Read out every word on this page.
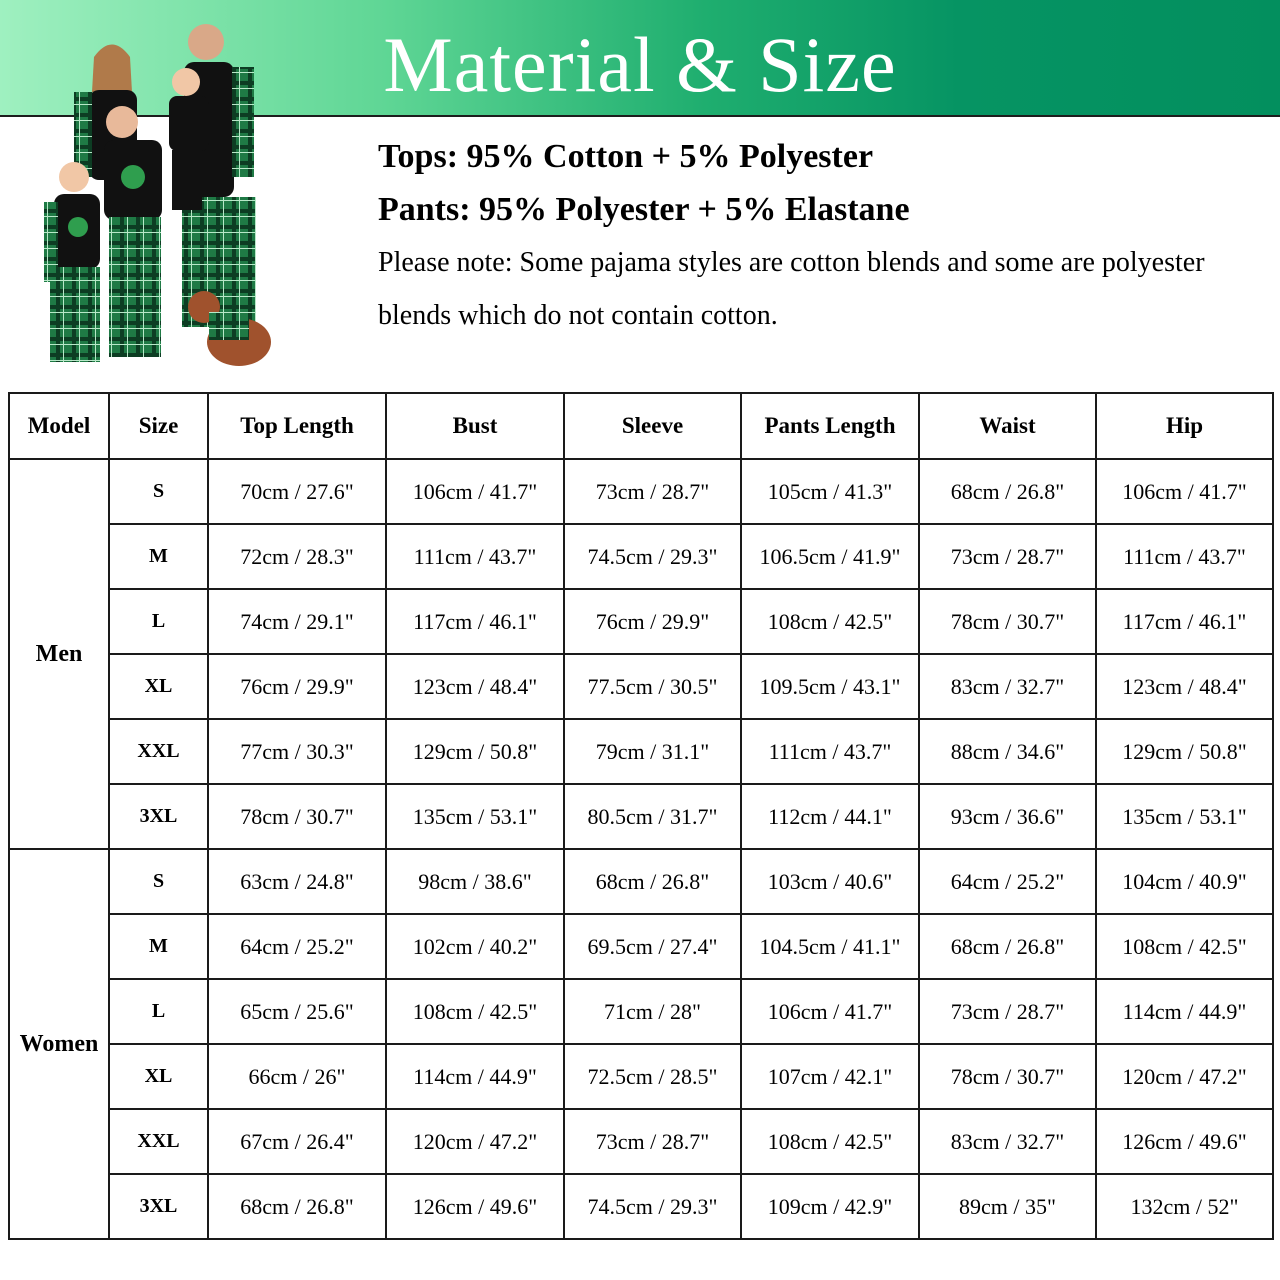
Material & Size
Tops: 95% Cotton + 5% Polyester
Pants: 95% Polyester + 5% Elastane
Please note: Some pajama styles are cotton blends and some are polyester blends which do not contain cotton.
Model	Size	Top Length	Bust	Sleeve	Pants Length	Waist	Hip
Men	S	70cm / 27.6"	106cm / 41.7"	73cm / 28.7"	105cm / 41.3"	68cm / 26.8"	106cm / 41.7"
	M	72cm / 28.3"	111cm / 43.7"	74.5cm / 29.3"	106.5cm / 41.9"	73cm / 28.7"	111cm / 43.7"
	L	74cm / 29.1"	117cm / 46.1"	76cm / 29.9"	108cm / 42.5"	78cm / 30.7"	117cm / 46.1"
	XL	76cm / 29.9"	123cm / 48.4"	77.5cm / 30.5"	109.5cm / 43.1"	83cm / 32.7"	123cm / 48.4"
	XXL	77cm / 30.3"	129cm / 50.8"	79cm / 31.1"	111cm / 43.7"	88cm / 34.6"	129cm / 50.8"
	3XL	78cm / 30.7"	135cm / 53.1"	80.5cm / 31.7"	112cm / 44.1"	93cm / 36.6"	135cm / 53.1"
Women	S	63cm / 24.8"	98cm / 38.6"	68cm / 26.8"	103cm / 40.6"	64cm / 25.2"	104cm / 40.9"
	M	64cm / 25.2"	102cm / 40.2"	69.5cm / 27.4"	104.5cm / 41.1"	68cm / 26.8"	108cm / 42.5"
	L	65cm / 25.6"	108cm / 42.5"	71cm / 28"	106cm / 41.7"	73cm / 28.7"	114cm / 44.9"
	XL	66cm / 26"	114cm / 44.9"	72.5cm / 28.5"	107cm / 42.1"	78cm / 30.7"	120cm / 47.2"
	XXL	67cm / 26.4"	120cm / 47.2"	73cm / 28.7"	108cm / 42.5"	83cm / 32.7"	126cm / 49.6"
	3XL	68cm / 26.8"	126cm / 49.6"	74.5cm / 29.3"	109cm / 42.9"	89cm / 35"	132cm / 52"
